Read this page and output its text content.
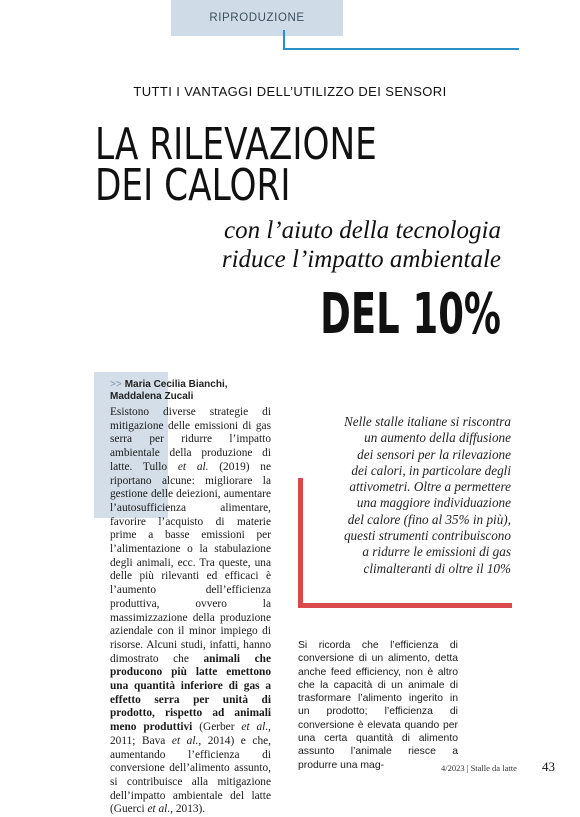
RIPRODUZIONE
TUTTI I VANTAGGI DELL’UTILIZZO DEI SENSORI
LA RILEVAZIONE
DEI CALORI
con l’aiuto della tecnologia
riduce l’impatto ambientale
DEL 10%
>> Maria Cecilia Bianchi,
Maddalena Zucali

Esistono diverse strategie di mitigazione delle emissioni di gas serra per ridurre l’impatto ambientale della produzione di latte. Tullo et al. (2019) ne riportano alcune: migliorare la gestione delle deiezioni, aumentare l’autosufficienza alimentare, favorire l’acquisto di materie prime a basse emissioni per l’alimentazione o la stabulazione degli animali, ecc. Tra queste, una delle più rilevanti ed efficaci è l’aumento dell’efficienza produttiva, ovvero la massimizzazione della produzione aziendale con il minor impiego di risorse. Alcuni studi, infatti, hanno dimostrato che animali che producono più latte emettono una quantità inferiore di gas a effetto serra per unità di prodotto, rispetto ad animali meno produttivi (Gerber et al., 2011; Bava et al., 2014) e che, aumentando l’efficienza di conversione dell’alimento assunto, si contribuisce alla mitigazione dell’impatto ambientale del latte (Guerci et al., 2013).

Nelle stalle italiane si riscontra
un aumento della diffusione
dei sensori per la rilevazione
dei calori, in particolare degli
attivometri. Oltre a permettere
una maggiore individuazione
del calore (fino al 35% in più),
questi strumenti contribuiscono
a ridurre le emissioni di gas
climalteranti di oltre il 10%

Si ricorda che l’efficienza di conversione di un alimento, detta anche feed efficiency, non è altro che la capacità di un animale di trasformare l’alimento ingerito in un prodotto; l’efficienza di conversione è elevata quando per una certa quantità di alimento assunto l’animale riesce a produrre una mag-	4/2023 | Stalle da latte 43
